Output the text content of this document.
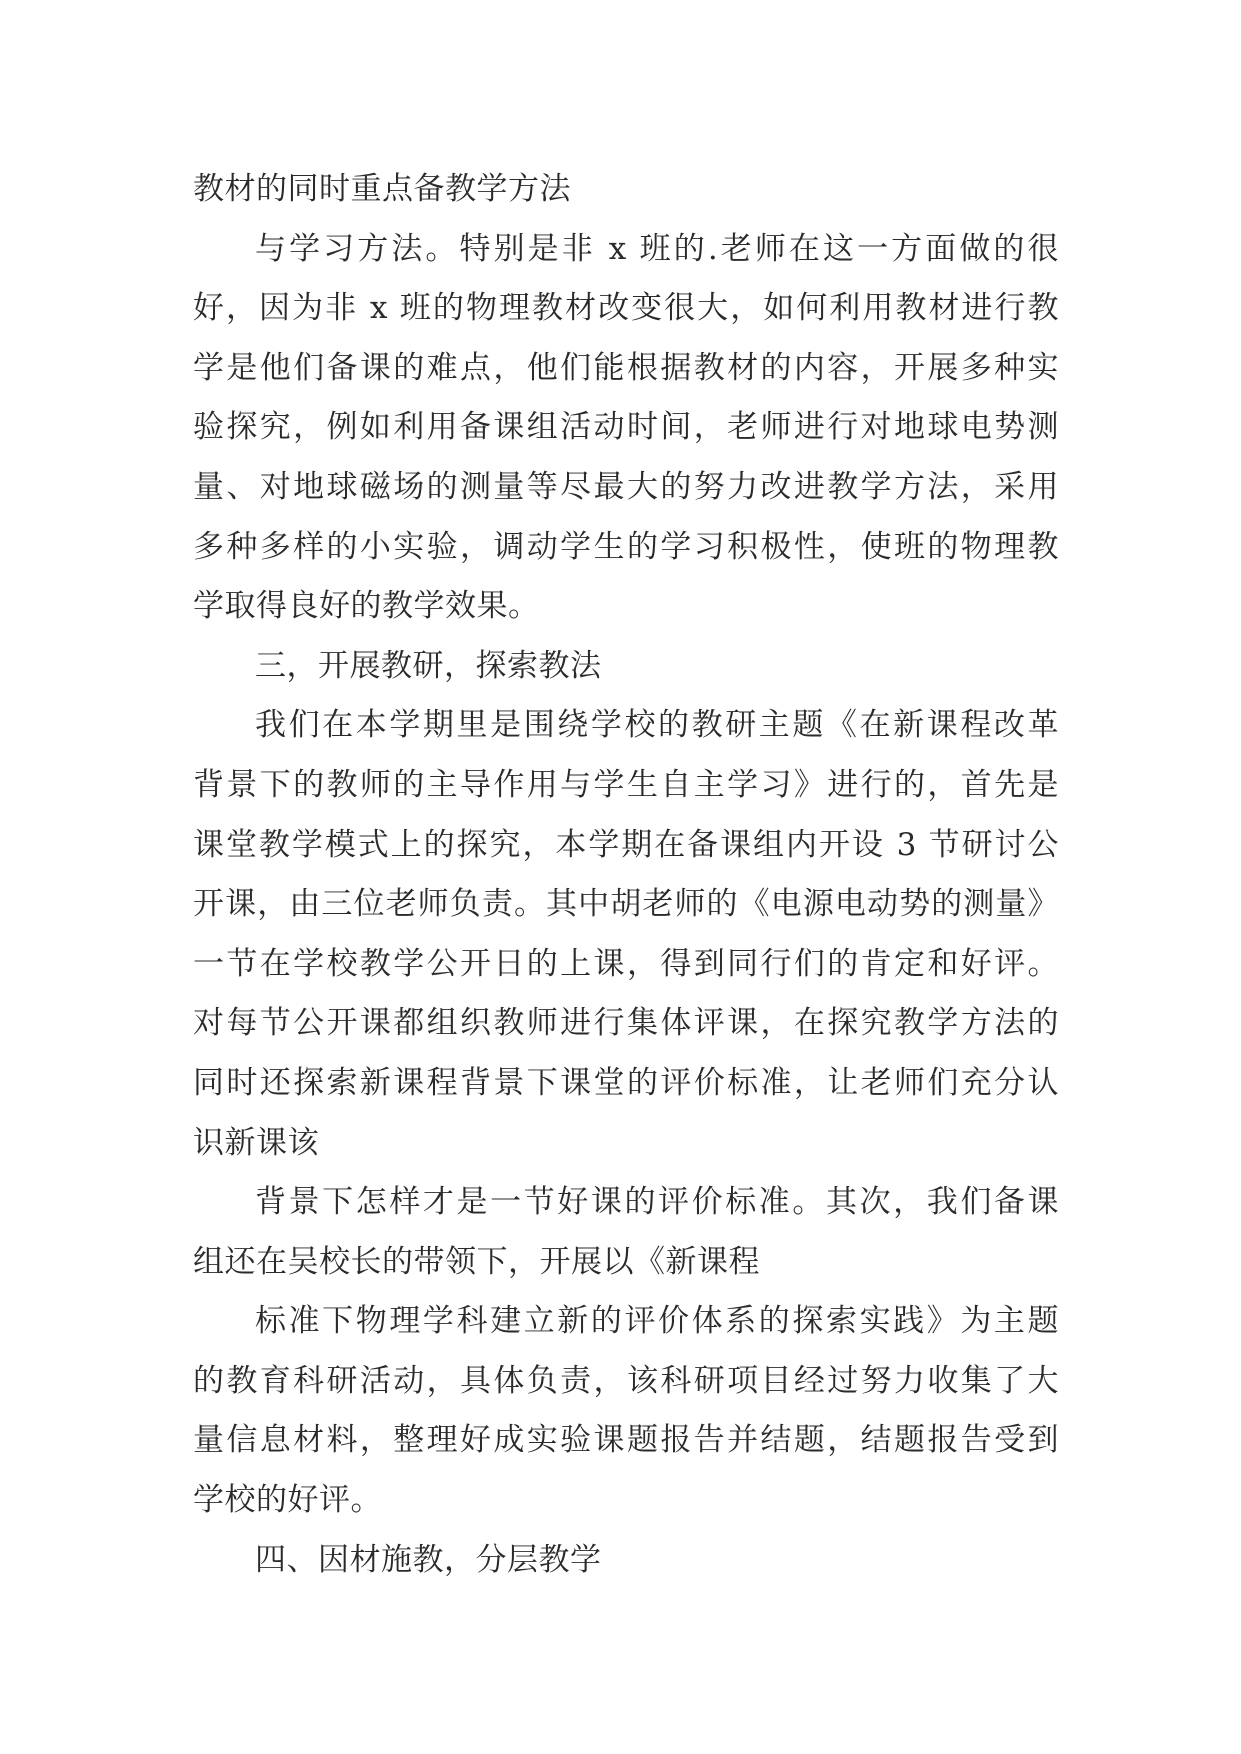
教材的同时重点备教学方法
与学习方法。特别是非 x 班的.老师在这一方面做的很
好，因为非 x 班的物理教材改变很大，如何利用教材进行教
学是他们备课的难点，他们能根据教材的内容，开展多种实
验探究，例如利用备课组活动时间，老师进行对地球电势测
量、对地球磁场的测量等尽最大的努力改进教学方法，采用
多种多样的小实验，调动学生的学习积极性，使班的物理教
学取得良好的教学效果。
三，开展教研，探索教法
我们在本学期里是围绕学校的教研主题《在新课程改革
背景下的教师的主导作用与学生自主学习》进行的，首先是
课堂教学模式上的探究，本学期在备课组内开设 3 节研讨公
开课，由三位老师负责。其中胡老师的《电源电动势的测量》
一节在学校教学公开日的上课，得到同行们的肯定和好评。
对每节公开课都组织教师进行集体评课，在探究教学方法的
同时还探索新课程背景下课堂的评价标准，让老师们充分认
识新课该
背景下怎样才是一节好课的评价标准。其次，我们备课
组还在吴校长的带领下，开展以《新课程
标准下物理学科建立新的评价体系的探索实践》为主题
的教育科研活动，具体负责，该科研项目经过努力收集了大
量信息材料，整理好成实验课题报告并结题，结题报告受到
学校的好评。
四、因材施教，分层教学
